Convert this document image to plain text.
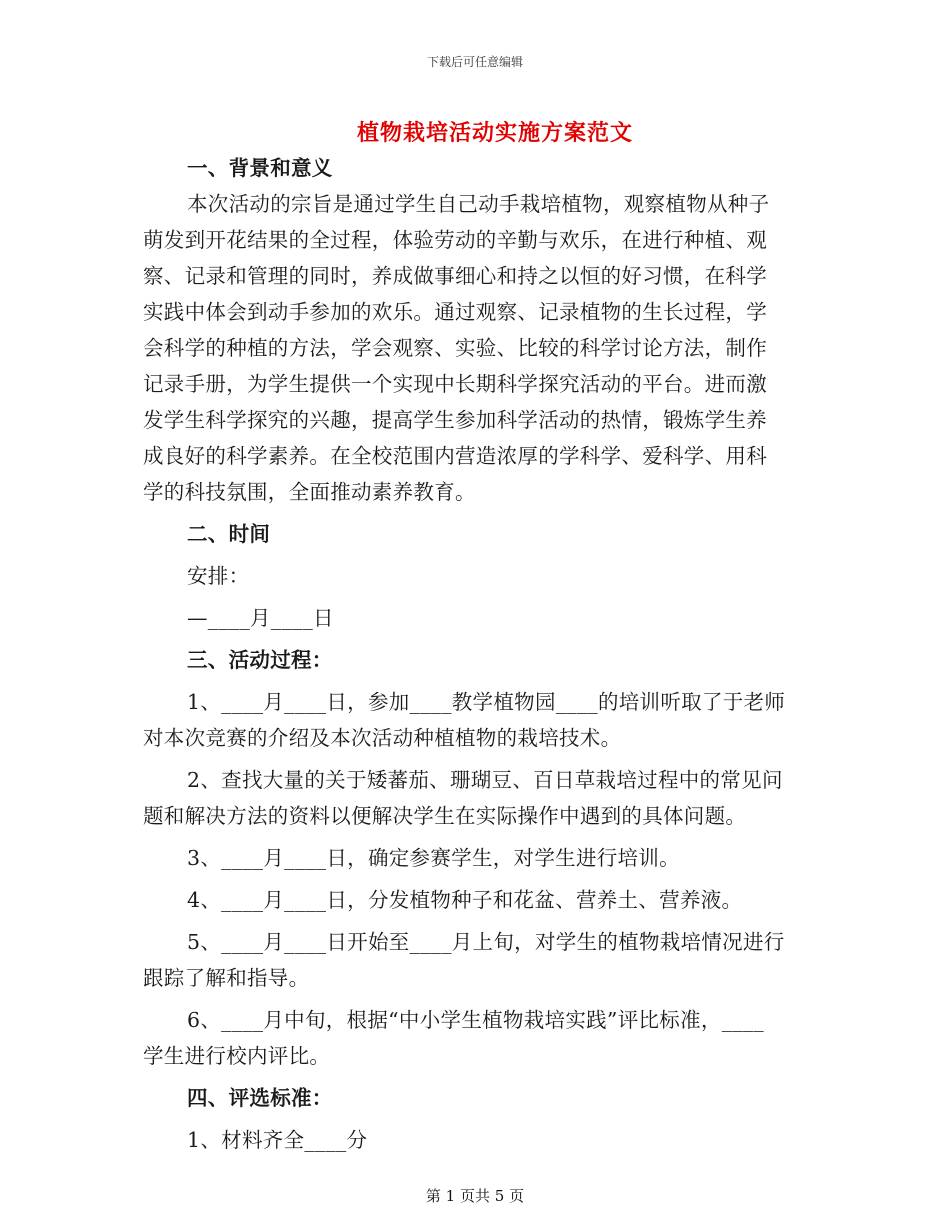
下载后可任意编辑
植物栽培活动实施方案范文
一、背景和意义
本次活动的宗旨是通过学生自己动手栽培植物，观察植物从种子
萌发到开花结果的全过程，体验劳动的辛勤与欢乐，在进行种植、观
察、记录和管理的同时，养成做事细心和持之以恒的好习惯，在科学
实践中体会到动手参加的欢乐。通过观察、记录植物的生长过程，学
会科学的种植的方法，学会观察、实验、比较的科学讨论方法，制作
记录手册，为学生提供一个实现中长期科学探究活动的平台。进而激
发学生科学探究的兴趣，提高学生参加科学活动的热情，锻炼学生养
成良好的科学素养。在全校范围内营造浓厚的学科学、爱科学、用科
学的科技氛围，全面推动素养教育。
二、时间
安排：
—____月____日
三、活动过程：
1、____月____日，参加____教学植物园____的培训听取了于老师
对本次竞赛的介绍及本次活动种植植物的栽培技术。
2、查找大量的关于矮蕃茄、珊瑚豆、百日草栽培过程中的常见问
题和解决方法的资料以便解决学生在实际操作中遇到的具体问题。
3、____月____日，确定参赛学生，对学生进行培训。
4、____月____日，分发植物种子和花盆、营养土、营养液。
5、____月____日开始至____月上旬，对学生的植物栽培情况进行
跟踪了解和指导。
6、____月中旬，根据“中小学生植物栽培实践”评比标准，____
学生进行校内评比。
四、评选标准：
1、材料齐全____分
第 1 页共 5 页
